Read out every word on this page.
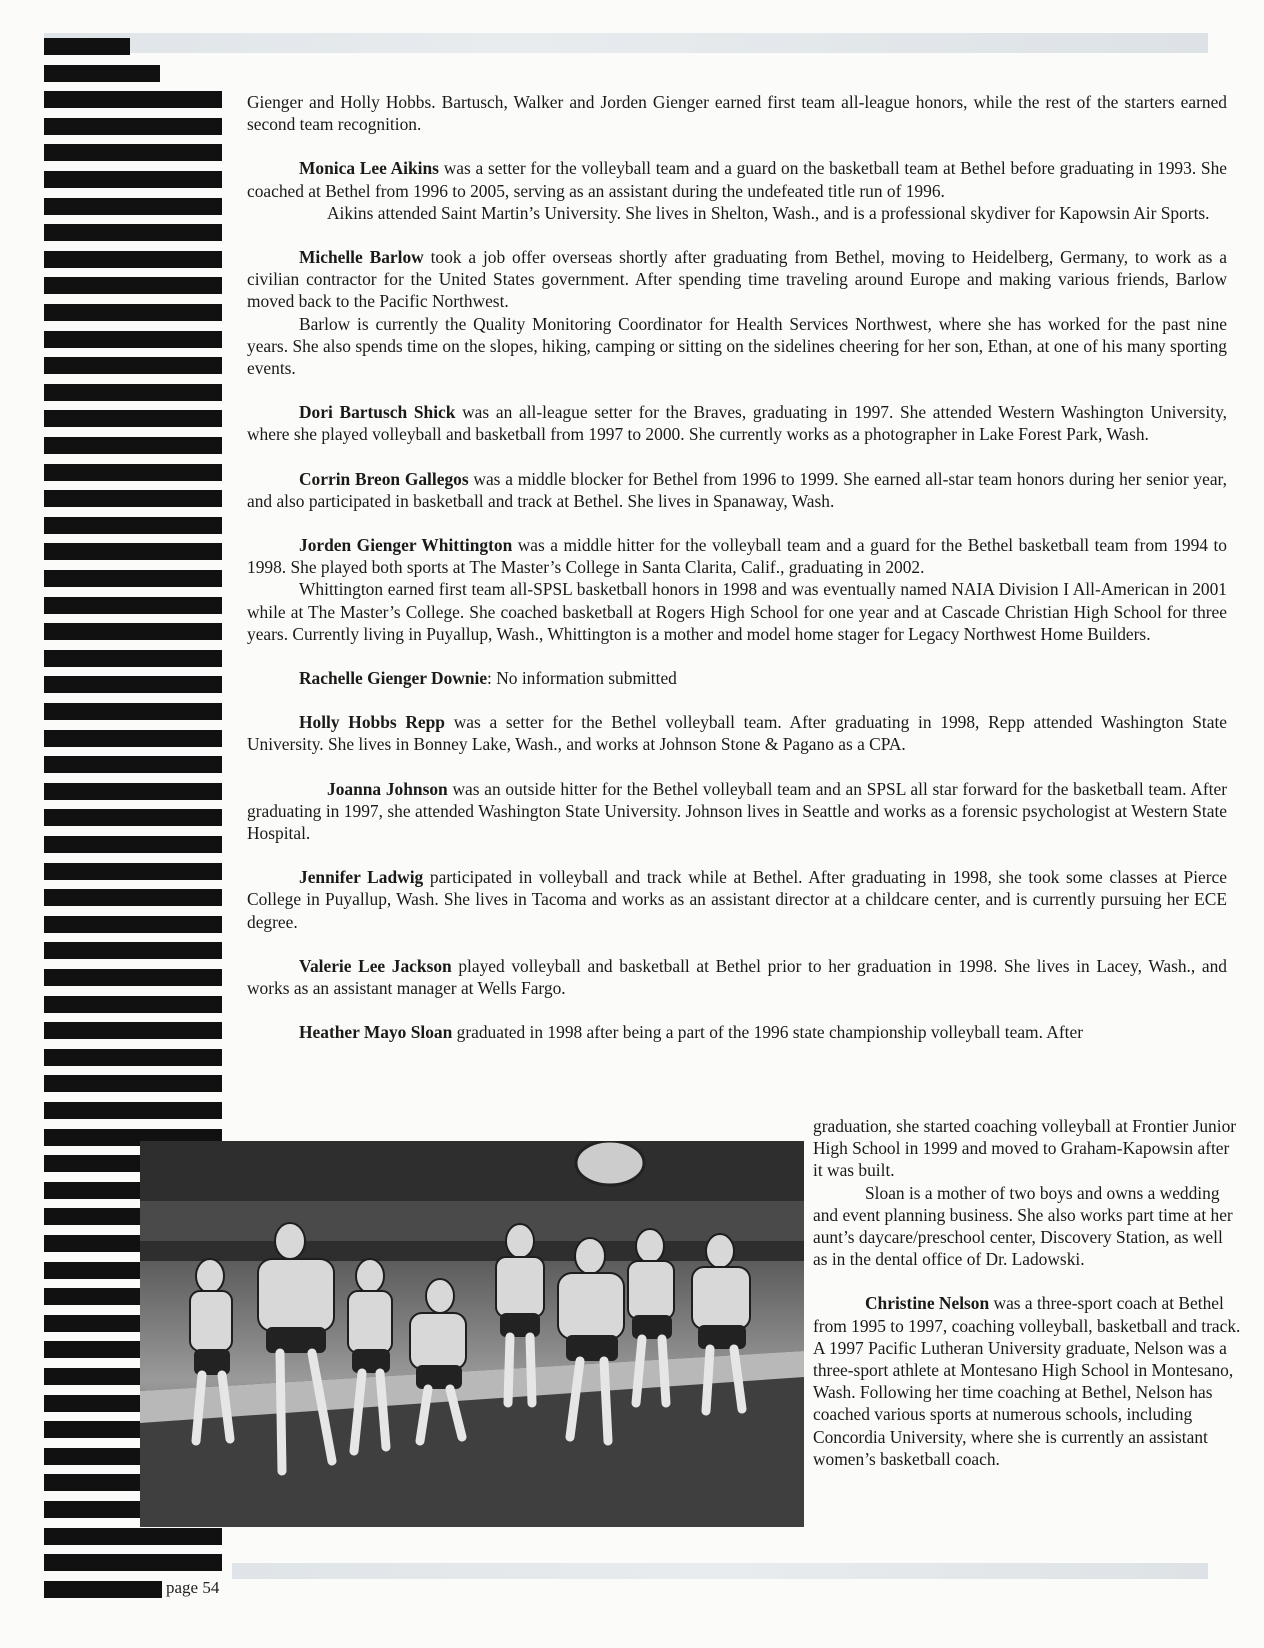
Gienger and Holly Hobbs. Bartusch, Walker and Jorden Gienger earned first team all-league honors, while the rest of the starters earned second team recognition.

Monica Lee Aikins was a setter for the volleyball team and a guard on the basketball team at Bethel before graduating in 1993. She coached at Bethel from 1996 to 2005, serving as an assistant during the undefeated title run of 1996.

Aikins attended Saint Martin’s University. She lives in Shelton, Wash., and is a professional skydiver for Kapowsin Air Sports.

Michelle Barlow took a job offer overseas shortly after graduating from Bethel, moving to Heidelberg, Germany, to work as a civilian contractor for the United States government. After spending time traveling around Europe and making various friends, Barlow moved back to the Pacific Northwest.

Barlow is currently the Quality Monitoring Coordinator for Health Services Northwest, where she has worked for the past nine years. She also spends time on the slopes, hiking, camping or sitting on the sidelines cheering for her son, Ethan, at one of his many sporting events.

Dori Bartusch Shick was an all-league setter for the Braves, graduating in 1997. She attended Western Washington University, where she played volleyball and basketball from 1997 to 2000. She currently works as a photographer in Lake Forest Park, Wash.

Corrin Breon Gallegos was a middle blocker for Bethel from 1996 to 1999. She earned all-star team honors during her senior year, and also participated in basketball and track at Bethel. She lives in Spanaway, Wash.

Jorden Gienger Whittington was a middle hitter for the volleyball team and a guard for the Bethel basketball team from 1994 to 1998. She played both sports at The Master’s College in Santa Clarita, Calif., graduating in 2002.

Whittington earned first team all-SPSL basketball honors in 1998 and was eventually named NAIA Division I All-American in 2001 while at The Master’s College. She coached basketball at Rogers High School for one year and at Cascade Christian High School for three years. Currently living in Puyallup, Wash., Whittington is a mother and model home stager for Legacy Northwest Home Builders.

Rachelle Gienger Downie: No information submitted

Holly Hobbs Repp was a setter for the Bethel volleyball team. After graduating in 1998, Repp attended Washington State University. She lives in Bonney Lake, Wash., and works at Johnson Stone & Pagano as a CPA.

Joanna Johnson was an outside hitter for the Bethel volleyball team and an SPSL all star forward for the basketball team. After graduating in 1997, she attended Washington State University. Johnson lives in Seattle and works as a forensic psychologist at Western State Hospital.

Jennifer Ladwig participated in volleyball and track while at Bethel. After graduating in 1998, she took some classes at Pierce College in Puyallup, Wash. She lives in Tacoma and works as an assistant director at a childcare center, and is currently pursuing her ECE degree.

Valerie Lee Jackson played volleyball and basketball at Bethel prior to her graduation in 1998. She lives in Lacey, Wash., and works as an assistant manager at Wells Fargo.

Heather Mayo Sloan graduated in 1998 after being a part of the 1996 state championship volleyball team. After

graduation, she started coaching volleyball at Frontier Junior High School in 1999 and moved to Graham-Kapowsin after it was built.
Sloan is a mother of two boys and owns a wedding and event planning business. She also works part time at her aunt’s daycare/preschool center, Discovery Station, as well as in the dental office of Dr. Ladowski.

Christine Nelson was a three-sport coach at Bethel from 1995 to 1997, coaching volleyball, basketball and track. A 1997 Pacific Lutheran University graduate, Nelson was a three-sport athlete at Montesano High School in Montesano, Wash. Following her time coaching at Bethel, Nelson has coached various sports at numerous schools, including Concordia University, where she is currently an assistant women’s basketball coach.

page 54
